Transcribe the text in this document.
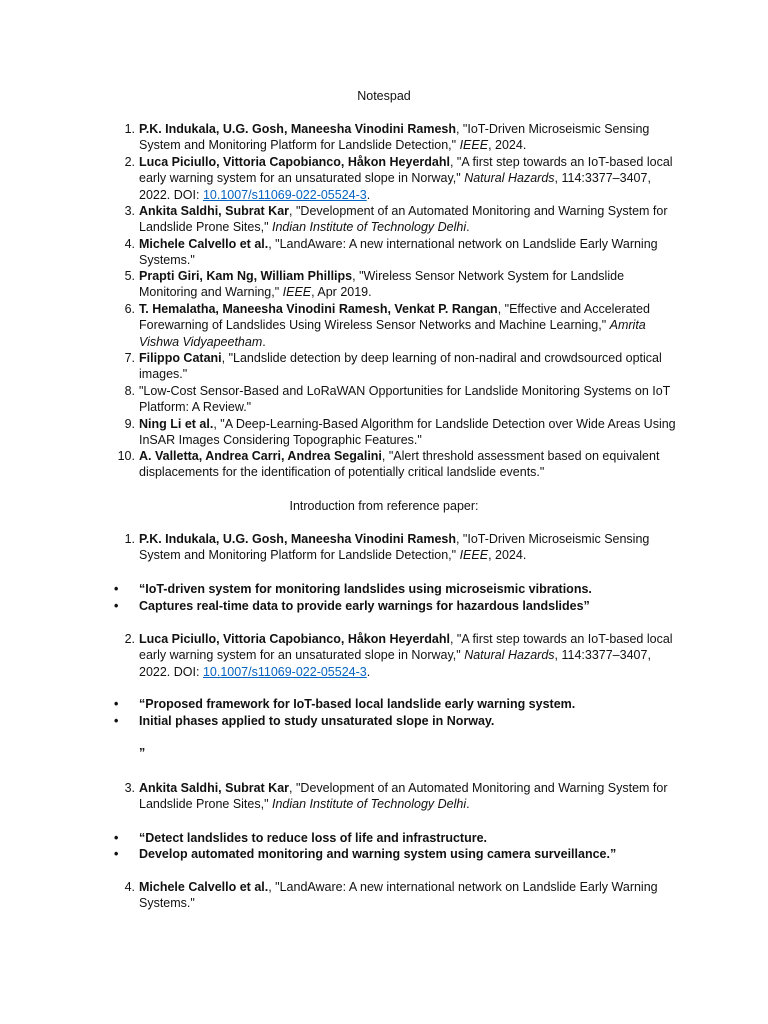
Notespad
1. P.K. Indukala, U.G. Gosh, Maneesha Vinodini Ramesh, "IoT-Driven Microseismic Sensing System and Monitoring Platform for Landslide Detection," IEEE, 2024.
2. Luca Piciullo, Vittoria Capobianco, Håkon Heyerdahl, "A first step towards an IoT-based local early warning system for an unsaturated slope in Norway," Natural Hazards, 114:3377–3407, 2022. DOI: 10.1007/s11069-022-05524-3.
3. Ankita Saldhi, Subrat Kar, "Development of an Automated Monitoring and Warning System for Landslide Prone Sites," Indian Institute of Technology Delhi.
4. Michele Calvello et al., "LandAware: A new international network on Landslide Early Warning Systems."
5. Prapti Giri, Kam Ng, William Phillips, "Wireless Sensor Network System for Landslide Monitoring and Warning," IEEE, Apr 2019.
6. T. Hemalatha, Maneesha Vinodini Ramesh, Venkat P. Rangan, "Effective and Accelerated Forewarning of Landslides Using Wireless Sensor Networks and Machine Learning," Amrita Vishwa Vidyapeetham.
7. Filippo Catani, "Landslide detection by deep learning of non-nadiral and crowdsourced optical images."
8. "Low-Cost Sensor-Based and LoRaWAN Opportunities for Landslide Monitoring Systems on IoT Platform: A Review."
9. Ning Li et al., "A Deep-Learning-Based Algorithm for Landslide Detection over Wide Areas Using InSAR Images Considering Topographic Features."
10. A. Valletta, Andrea Carri, Andrea Segalini, "Alert threshold assessment based on equivalent displacements for the identification of potentially critical landslide events."
Introduction from reference paper:
1. P.K. Indukala, U.G. Gosh, Maneesha Vinodini Ramesh, "IoT-Driven Microseismic Sensing System and Monitoring Platform for Landslide Detection," IEEE, 2024.
• “IoT-driven system for monitoring landslides using microseismic vibrations.
• Captures real-time data to provide early warnings for hazardous landslides”
2. Luca Piciullo, Vittoria Capobianco, Håkon Heyerdahl, "A first step towards an IoT-based local early warning system for an unsaturated slope in Norway," Natural Hazards, 114:3377–3407, 2022. DOI: 10.1007/s11069-022-05524-3.
• “Proposed framework for IoT-based local landslide early warning system.
• Initial phases applied to study unsaturated slope in Norway.
”
3. Ankita Saldhi, Subrat Kar, "Development of an Automated Monitoring and Warning System for Landslide Prone Sites," Indian Institute of Technology Delhi.
• “Detect landslides to reduce loss of life and infrastructure.
• Develop automated monitoring and warning system using camera surveillance.”
4. Michele Calvello et al., "LandAware: A new international network on Landslide Early Warning Systems."
